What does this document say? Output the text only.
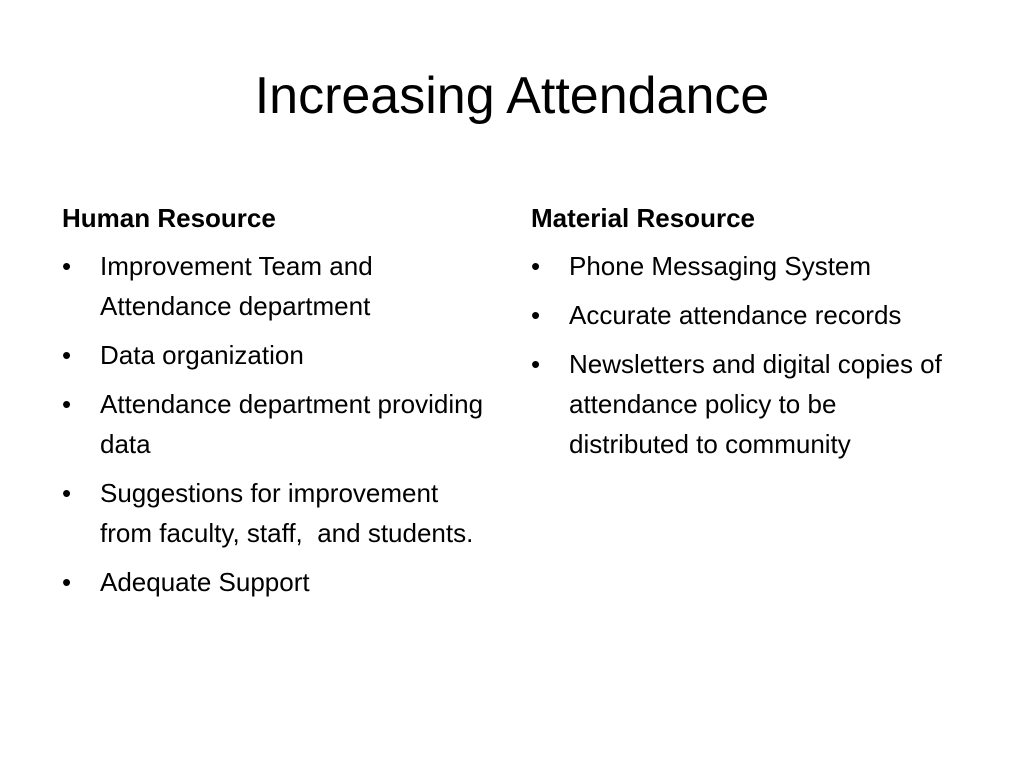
Increasing Attendance
Human Resource
•	Improvement Team and Attendance department
•	Data organization
•	Attendance department providing data
•	Suggestions for improvement from faculty, staff,  and students.
•	Adequate Support
Material Resource
•	Phone Messaging System
•	Accurate attendance records
•	Newsletters and digital copies of attendance policy to be distributed to community
